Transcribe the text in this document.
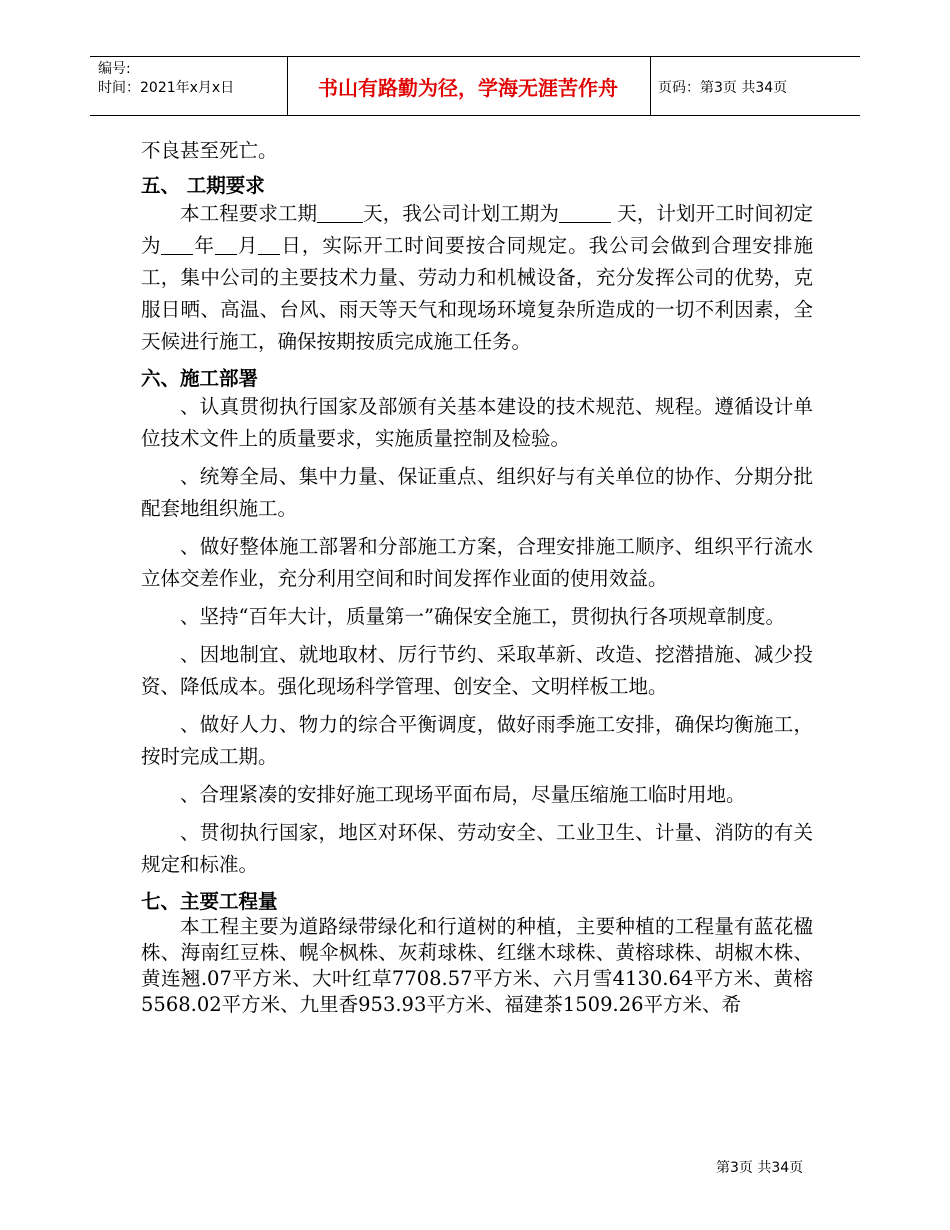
编号:
时间：2021年x月x日	书山有路勤为径，学海无涯苦作舟	页码：第3页 共34页

不良甚至死亡。

五、 工期要求

本工程要求工期 天，我公司计划工期为	天，计划开工时间初定为 年 月 日，实际开工时间要按合同规定。我公司会做到合理安排施工，集中公司的主要技术力量、劳动力和机械设备，充分发挥公司的优势，克服日晒、高温、台风、雨天等天气和现场环境复杂所造成的一切不利因素，全天候进行施工，确保按期按质完成施工任务。

六、施工部署

、认真贯彻执行国家及部颁有关基本建设的技术规范、规程。遵循设计单位技术文件上的质量要求，实施质量控制及检验。

、统筹全局、集中力量、保证重点、组织好与有关单位的协作、分期分批配套地组织施工。

、做好整体施工部署和分部施工方案，合理安排施工顺序、组织平行流水立体交差作业，充分利用空间和时间发挥作业面的使用效益。

、坚持“百年大计，质量第一”确保安全施工，贯彻执行各项规章制度。

、因地制宜、就地取材、厉行节约、采取革新、改造、挖潜措施、减少投资、降低成本。强化现场科学管理、创安全、文明样板工地。

、做好人力、物力的综合平衡调度，做好雨季施工安排，确保均衡施工，按时完成工期。

、合理紧凑的安排好施工现场平面布局，尽量压缩施工临时用地。

、贯彻执行国家，地区对环保、劳动安全、工业卫生、计量、消防的有关规定和标准。

七、主要工程量

本工程主要为道路绿带绿化和行道树的种植，主要种植的工程量有蓝花楹株、海南红豆株、幌伞枫株、灰莉球株、红继木球株、黄榕球株、胡椒木株、黄连翘.07平方米、大叶红草7708.57平方米、六月雪4130.64平方米、黄榕5568.02平方米、九里香953.93平方米、福建茶1509.26平方米、希

第3页 共34页
